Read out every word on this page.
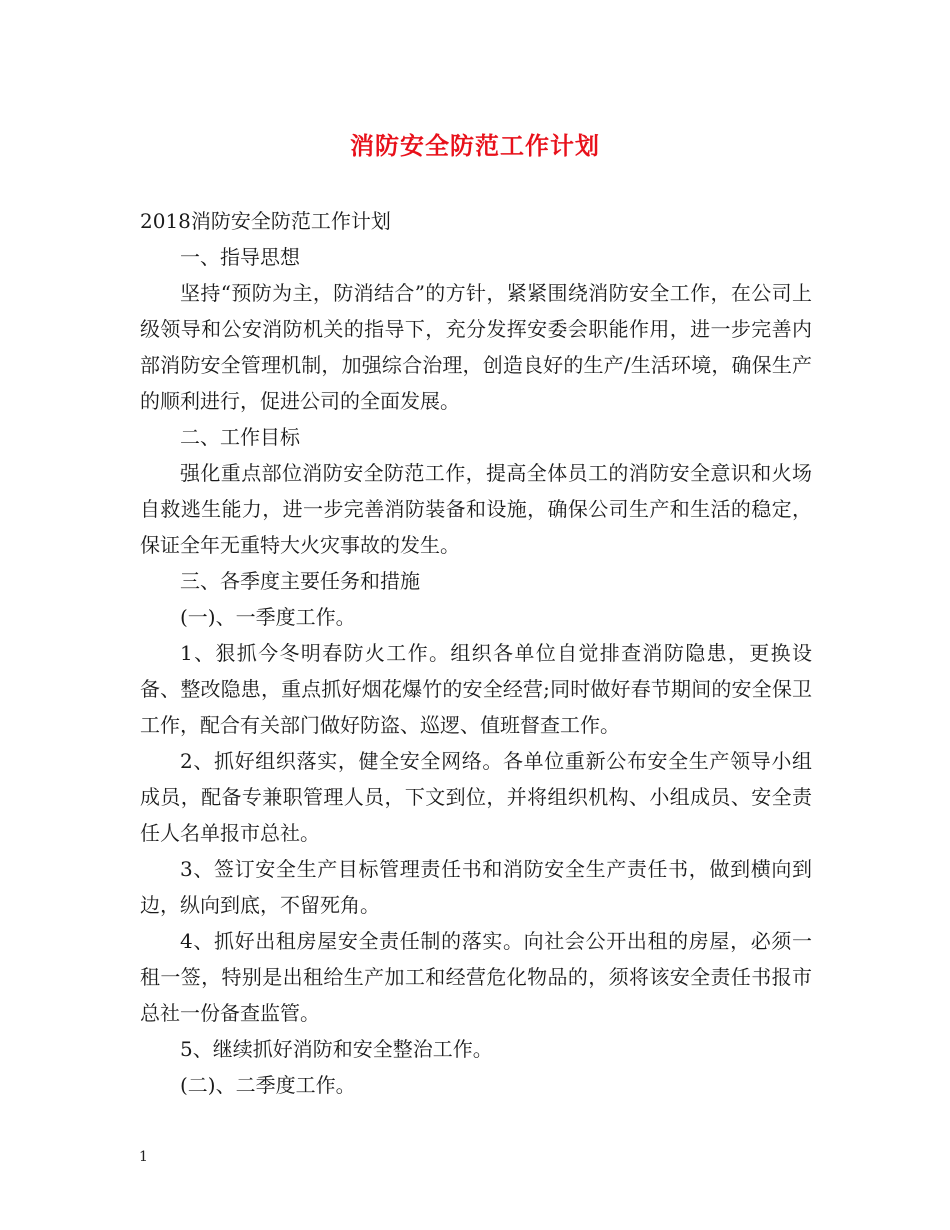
消防安全防范工作计划

2018消防安全防范工作计划

一、指导思想

坚持“预防为主，防消结合”的方针，紧紧围绕消防安全工作，在公司上级领导和公安消防机关的指导下，充分发挥安委会职能作用，进一步完善内部消防安全管理机制，加强综合治理，创造良好的生产/生活环境，确保生产的顺利进行，促进公司的全面发展。

二、工作目标

强化重点部位消防安全防范工作，提高全体员工的消防安全意识和火场自救逃生能力，进一步完善消防装备和设施，确保公司生产和生活的稳定，保证全年无重特大火灾事故的发生。

三、各季度主要任务和措施

(一)、一季度工作。

1、狠抓今冬明春防火工作。组织各单位自觉排查消防隐患，更换设备、整改隐患，重点抓好烟花爆竹的安全经营;同时做好春节期间的安全保卫工作，配合有关部门做好防盗、巡逻、值班督查工作。

2、抓好组织落实，健全安全网络。各单位重新公布安全生产领导小组成员，配备专兼职管理人员，下文到位，并将组织机构、小组成员、安全责任人名单报市总社。

3、签订安全生产目标管理责任书和消防安全生产责任书，做到横向到边，纵向到底，不留死角。

4、抓好出租房屋安全责任制的落实。向社会公开出租的房屋，必须一租一签，特别是出租给生产加工和经营危化物品的，须将该安全责任书报市总社一份备查监管。

5、继续抓好消防和安全整治工作。

(二)、二季度工作。

1
